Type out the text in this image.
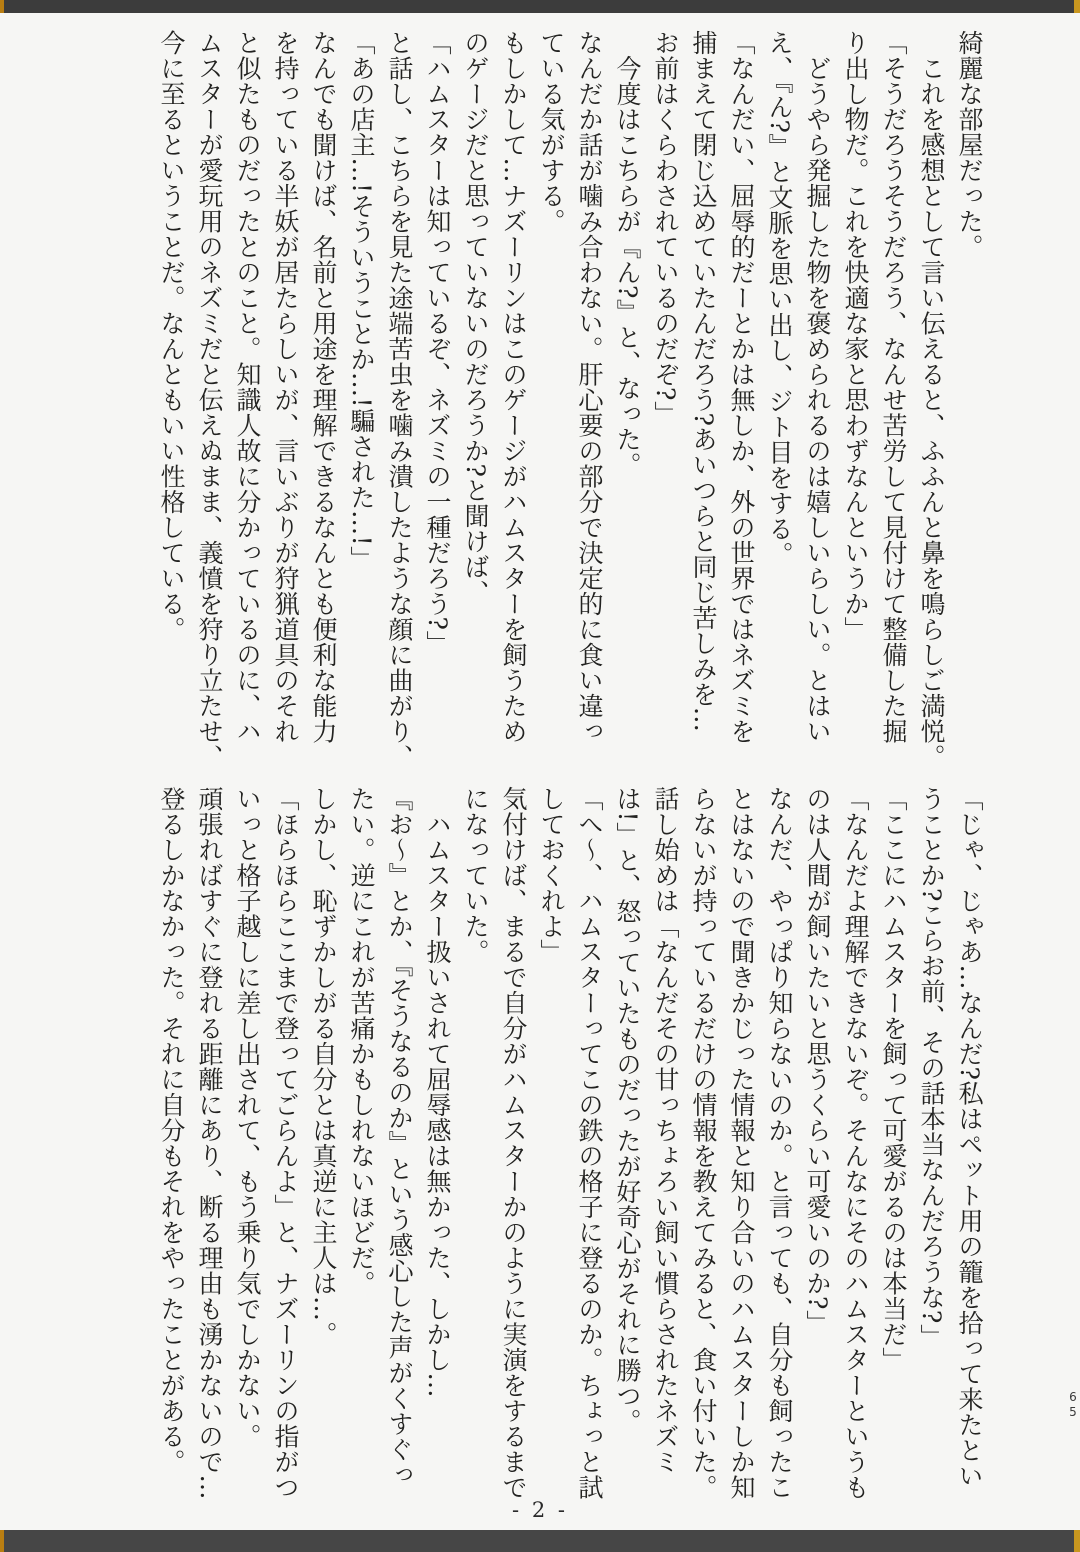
綺麗な部屋だった。

　これを感想として言い伝えると、ふふんと鼻を鳴らしご満悦。

「そうだろうそうだろう、なんせ苦労して見付けて整備した掘

り出し物だ。これを快適な家と思わずなんというか」

　どうやら発掘した物を褒められるのは嬉しいらしい。とはい

え、『ん?』と文脈を思い出し、ジト目をする。

「なんだい、屈辱的だーとかは無しか、外の世界ではネズミを

捕まえて閉じ込めていたんだろう?あいつらと同じ苦しみを…

お前はくらわされているのだぞ?」

　今度はこちらが『ん?』と、なった。

なんだか話が噛み合わない。肝心要の部分で決定的に食い違っ

ている気がする。

もしかして…ナズーリンはこのゲージがハムスターを飼うため

のゲージだと思っていないのだろうか?と聞けば、

「ハムスターは知っているぞ、ネズミの一種だろう?」

と話し、こちらを見た途端苦虫を噛み潰したような顔に曲がり、

「あの店主…!そういうことか…!騙された…!」

なんでも聞けば、名前と用途を理解できるなんとも便利な能力

を持っている半妖が居たらしいが、言いぶりが狩猟道具のそれ

と似たものだったとのこと。知識人故に分かっているのに、ハ

ムスターが愛玩用のネズミだと伝えぬまま、義憤を狩り立たせ、

今に至るということだ。なんともいい性格している。

「じゃ、じゃあ…なんだ?私はペット用の籠を拾って来たとい

うことか?こらお前、その話本当なんだろうな?」

「ここにハムスターを飼って可愛がるのは本当だ」

「なんだよ理解できないぞ。そんなにそのハムスターというも

のは人間が飼いたいと思うくらい可愛いのか?」

なんだ、やっぱり知らないのか。と言っても、自分も飼ったこ

とはないので聞きかじった情報と知り合いのハムスターしか知

らないが持っているだけの情報を教えてみると、食い付いた。

話し始めは「なんだその甘っちょろい飼い慣らされたネズミ

は!」と、怒っていたものだったが好奇心がそれに勝つ。

「へ〜、ハムスターってこの鉄の格子に登るのか。ちょっと試

しておくれよ」

気付けば、まるで自分がハムスターかのように実演をするまで

になっていた。

　ハムスター扱いされて屈辱感は無かった、しかし…

『お〜』とか、『そうなるのか』という感心した声がくすぐっ

たい。逆にこれが苦痛かもしれないほどだ。

しかし、恥ずかしがる自分とは真逆に主人は…。

「ほらほらここまで登ってごらんよ」と、ナズーリンの指がつ

いっと格子越しに差し出されて、もう乗り気でしかない。

頑張ればすぐに登れる距離にあり、断る理由も湧かないので…

登るしかなかった。それに自分もそれをやったことがある。

- 2 -
65
